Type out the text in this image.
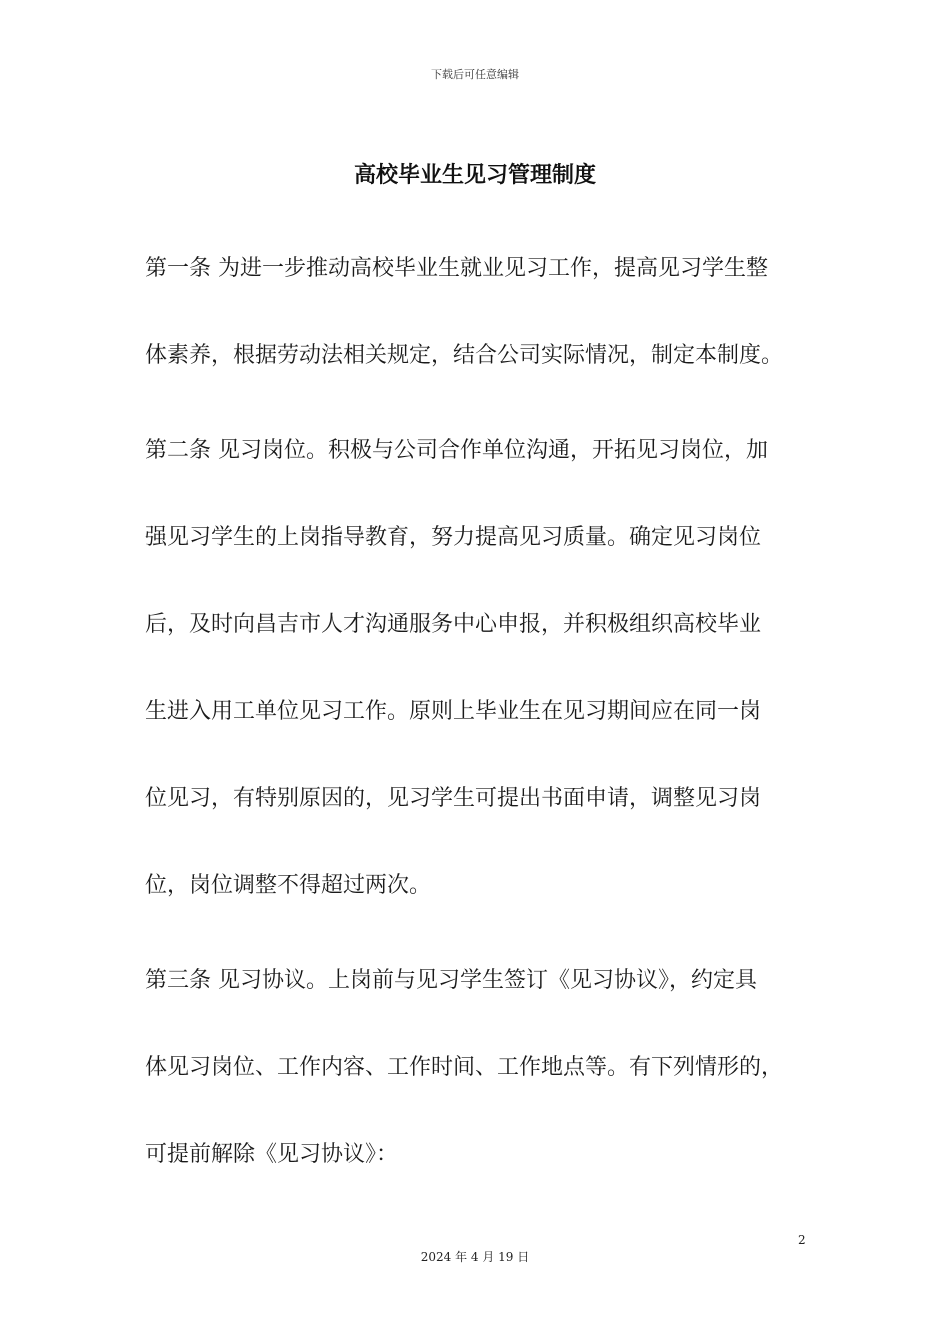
下载后可任意编辑
高校毕业生见习管理制度
第一条 为进一步推动高校毕业生就业见习工作，提高见习学生整
体素养，根据劳动法相关规定，结合公司实际情况，制定本制度。
第二条 见习岗位。积极与公司合作单位沟通，开拓见习岗位，加
强见习学生的上岗指导教育，努力提高见习质量。确定见习岗位
后，及时向昌吉市人才沟通服务中心申报，并积极组织高校毕业
生进入用工单位见习工作。原则上毕业生在见习期间应在同一岗
位见习，有特别原因的，见习学生可提出书面申请，调整见习岗
位，岗位调整不得超过两次。
第三条 见习协议。上岗前与见习学生签订《见习协议》，约定具
体见习岗位、工作内容、工作时间、工作地点等。有下列情形的，
可提前解除《见习协议》：
2
2024 年 4 月 19 日
